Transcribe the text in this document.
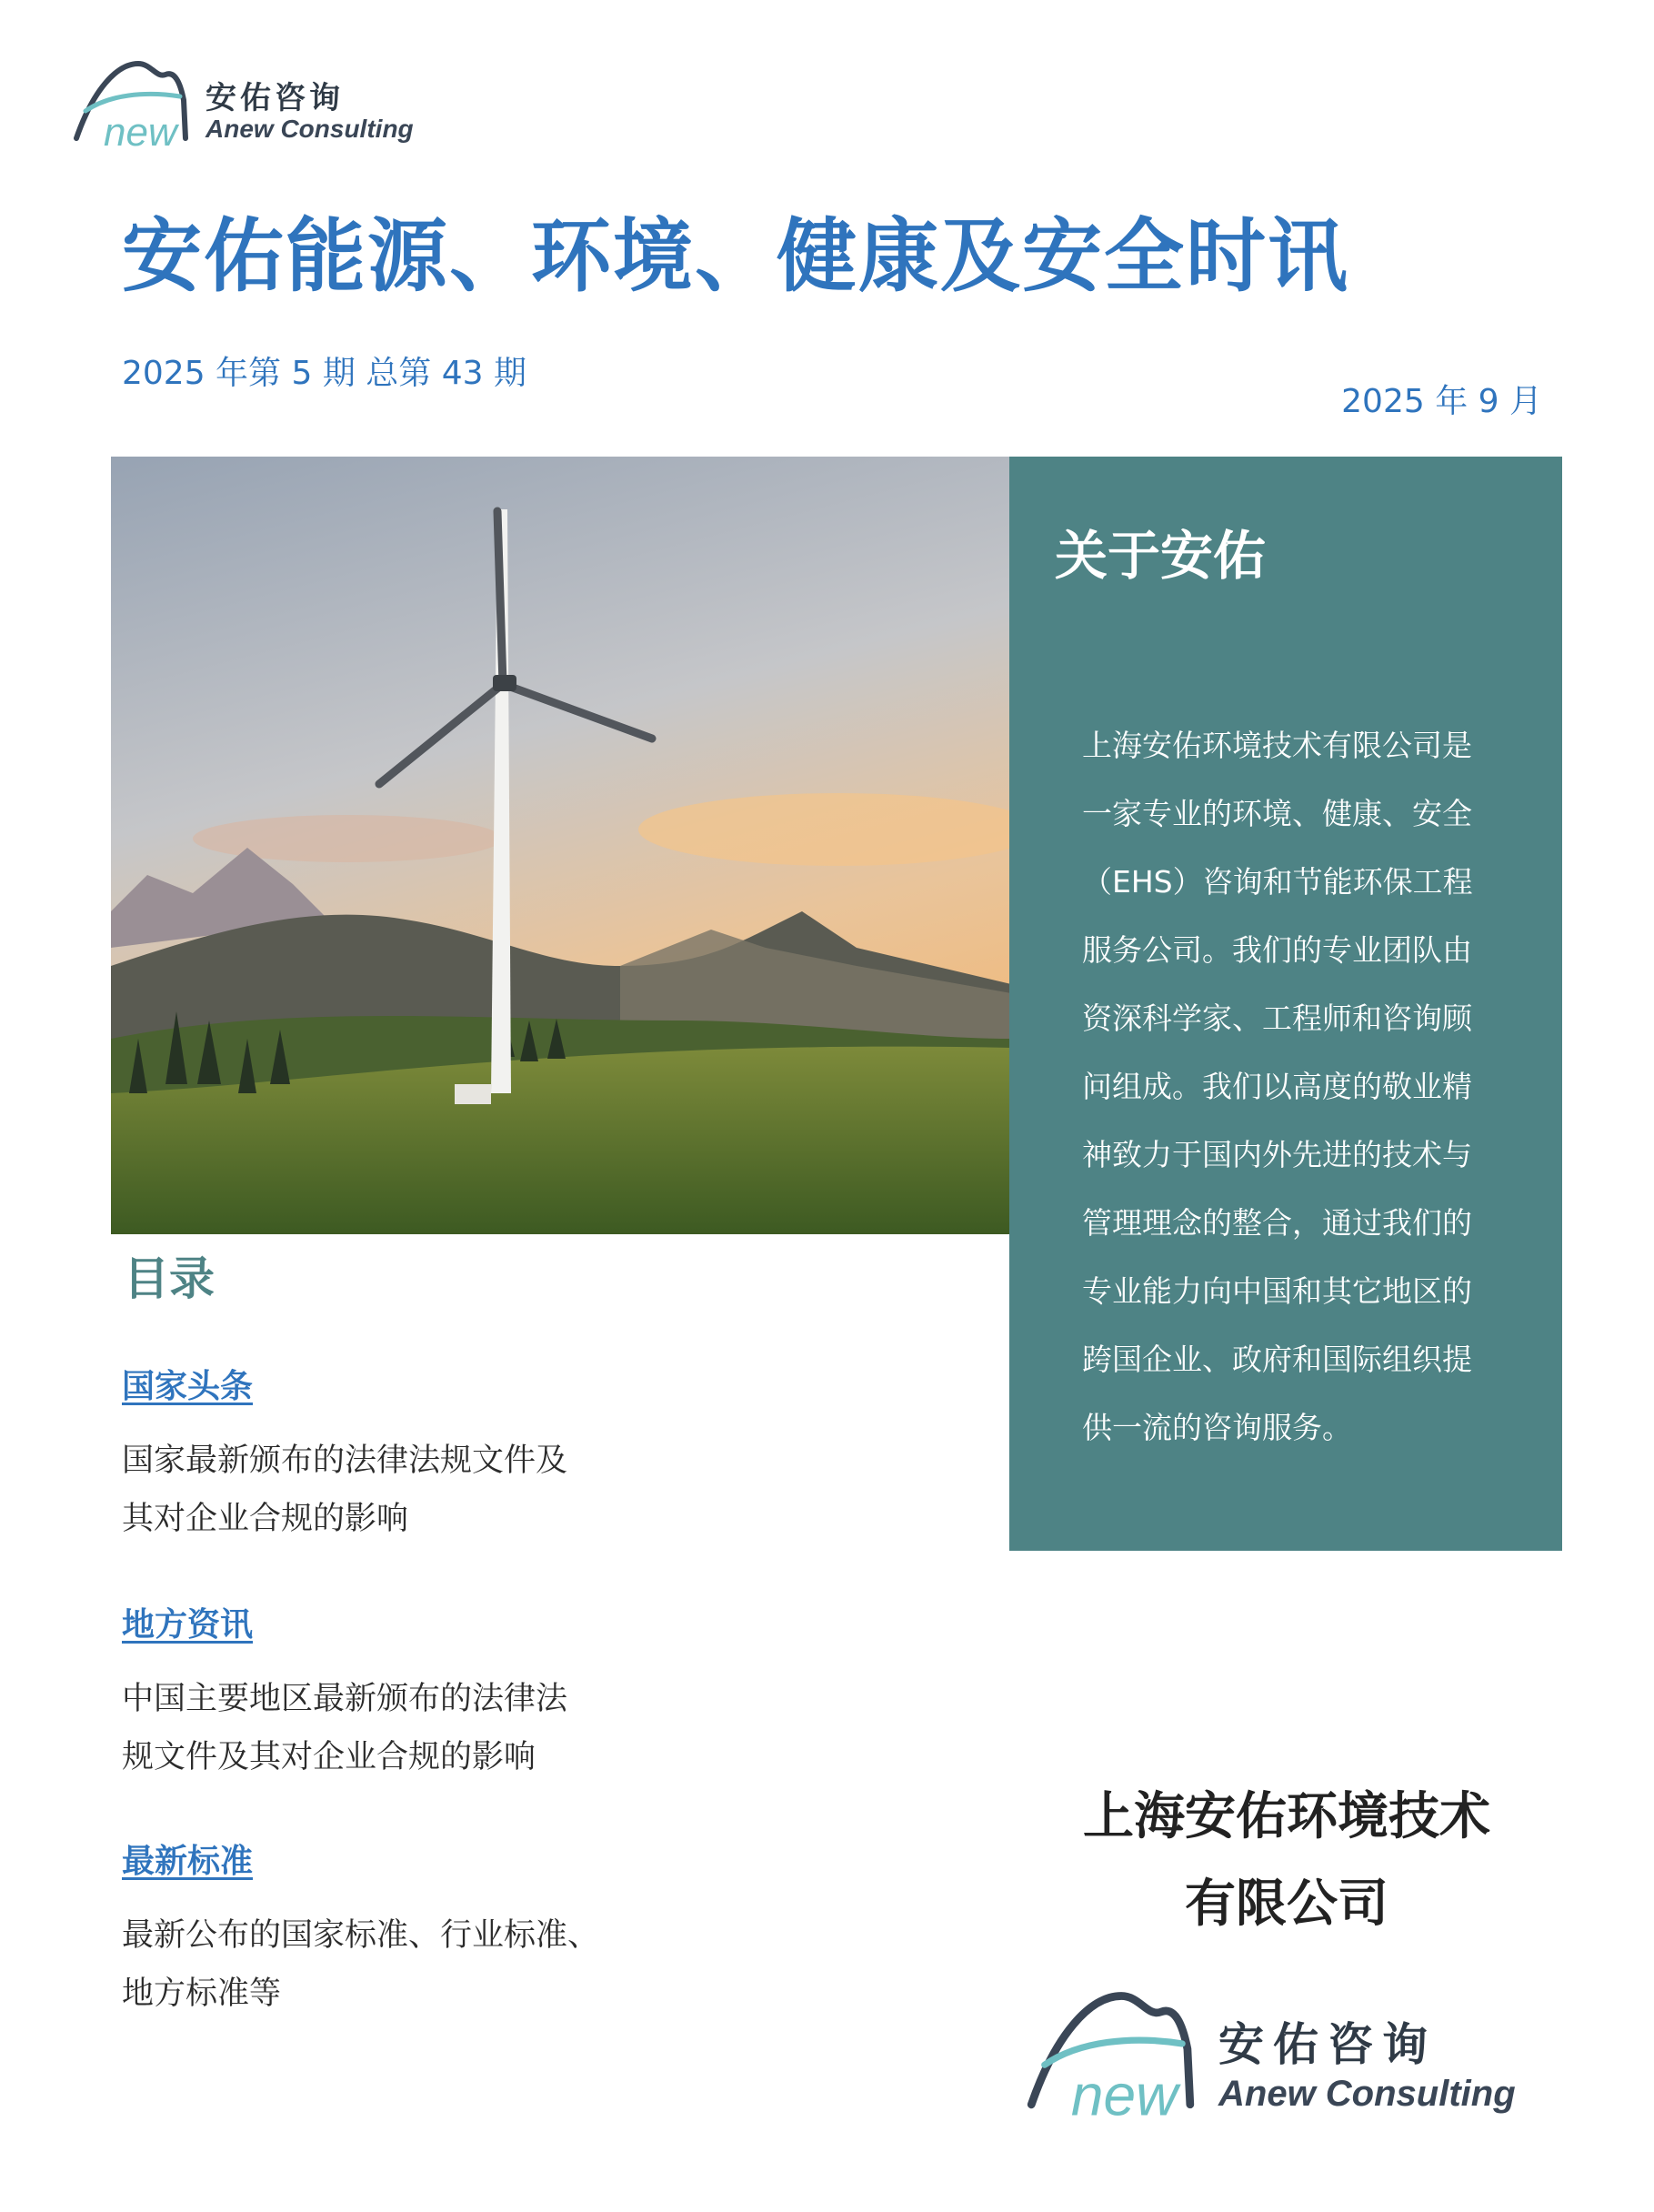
new
安佑咨询
Anew Consulting
安佑能源、环境、健康及安全时讯
2025 年第 5 期 总第 43 期
2025 年 9 月
关于安佑
上海安佑环境技术有限公司是
一家专业的环境、健康、安全
（EHS）咨询和节能环保工程
服务公司。我们的专业团队由
资深科学家、工程师和咨询顾
问组成。我们以高度的敬业精
神致力于国内外先进的技术与
管理理念的整合，通过我们的
专业能力向中国和其它地区的
跨国企业、政府和国际组织提
供一流的咨询服务。
目录
国家头条
国家最新颁布的法律法规文件及
其对企业合规的影响
地方资讯
中国主要地区最新颁布的法律法
规文件及其对企业合规的影响
最新标准
最新公布的国家标准、行业标准、
地方标准等
上海安佑环境技术
有限公司
new
安佑咨询
Anew Consulting
